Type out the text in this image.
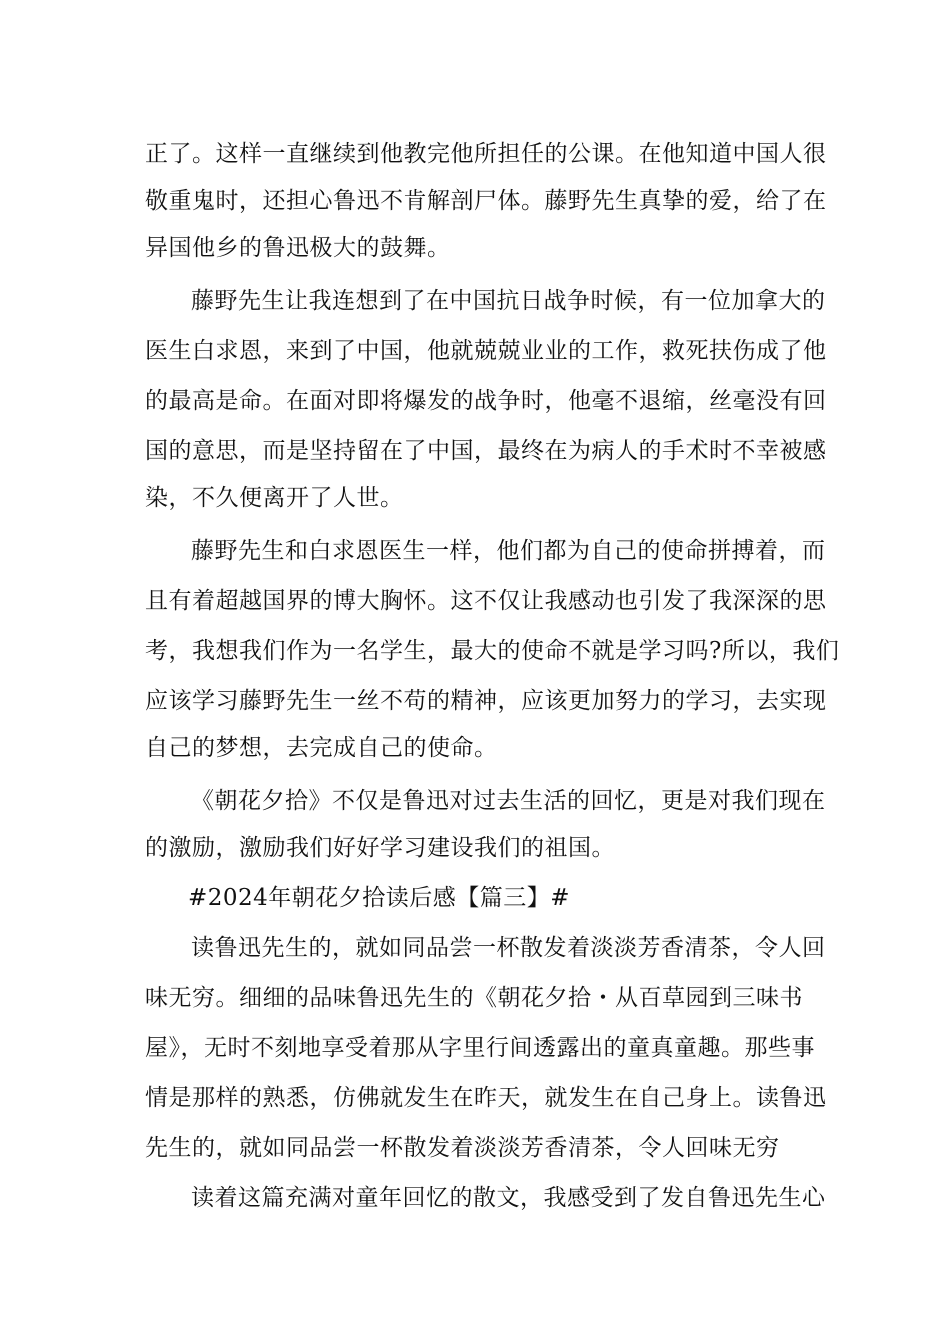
正了。这样一直继续到他教完他所担任的公课。在他知道中国人很
敬重鬼时，还担心鲁迅不肯解剖尸体。藤野先生真挚的爱，给了在
异国他乡的鲁迅极大的鼓舞。
藤野先生让我连想到了在中国抗日战争时候，有一位加拿大的
医生白求恩，来到了中国，他就兢兢业业的工作，救死扶伤成了他
的最高是命。在面对即将爆发的战争时，他毫不退缩，丝毫没有回
国的意思，而是坚持留在了中国，最终在为病人的手术时不幸被感
染，不久便离开了人世。
藤野先生和白求恩医生一样，他们都为自己的使命拼搏着，而
且有着超越国界的博大胸怀。这不仅让我感动也引发了我深深的思
考，我想我们作为一名学生，最大的使命不就是学习吗?所以，我们
应该学习藤野先生一丝不苟的精神，应该更加努力的学习，去实现
自己的梦想，去完成自己的使命。
《朝花夕拾》不仅是鲁迅对过去生活的回忆，更是对我们现在
的激励，激励我们好好学习建设我们的祖国。
#2024年朝花夕拾读后感【篇三】#
读鲁迅先生的，就如同品尝一杯散发着淡淡芳香清茶，令人回
味无穷。细细的品味鲁迅先生的《朝花夕拾・从百草园到三味书
屋》，无时不刻地享受着那从字里行间透露出的童真童趣。那些事
情是那样的熟悉，仿佛就发生在昨天，就发生在自己身上。读鲁迅
先生的，就如同品尝一杯散发着淡淡芳香清茶，令人回味无穷
读着这篇充满对童年回忆的散文，我感受到了发自鲁迅先生心
